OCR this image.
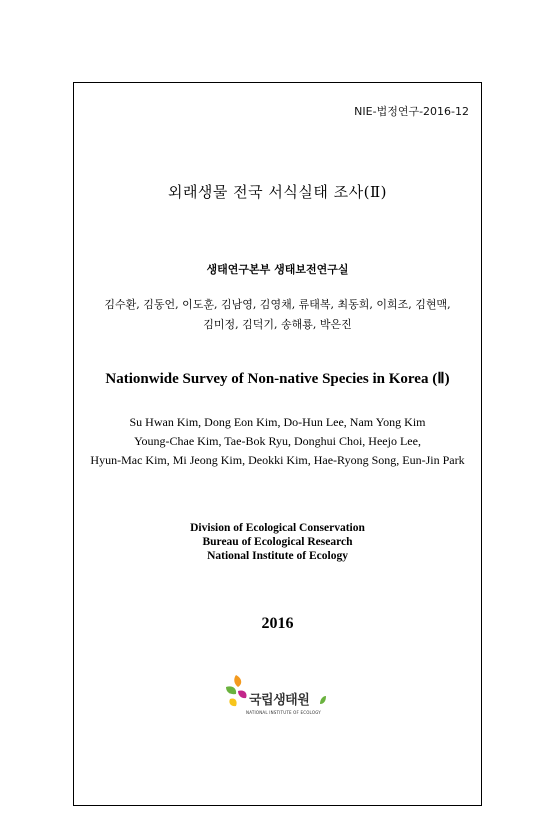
NIE-법정연구-2016-12
외래생물 전국 서식실태 조사(Ⅱ)
생태연구본부 생태보전연구실
김수환, 김동언, 이도훈, 김남영, 김영채, 류태복, 최동희, 이희조, 김현맥,
김미정, 김덕기, 송해룡, 박은진
Nationwide Survey of Non-native Species in Korea (Ⅱ)
Su Hwan Kim, Dong Eon Kim, Do-Hun Lee, Nam Yong Kim
Young-Chae Kim, Tae-Bok Ryu, Donghui Choi, Heejo Lee,
Hyun-Mac Kim, Mi Jeong Kim, Deokki Kim, Hae-Ryong Song, Eun-Jin Park
Division of Ecological Conservation
Bureau of Ecological Research
National Institute of Ecology
2016
국립생태원
NATIONAL INSTITUTE OF ECOLOGY
